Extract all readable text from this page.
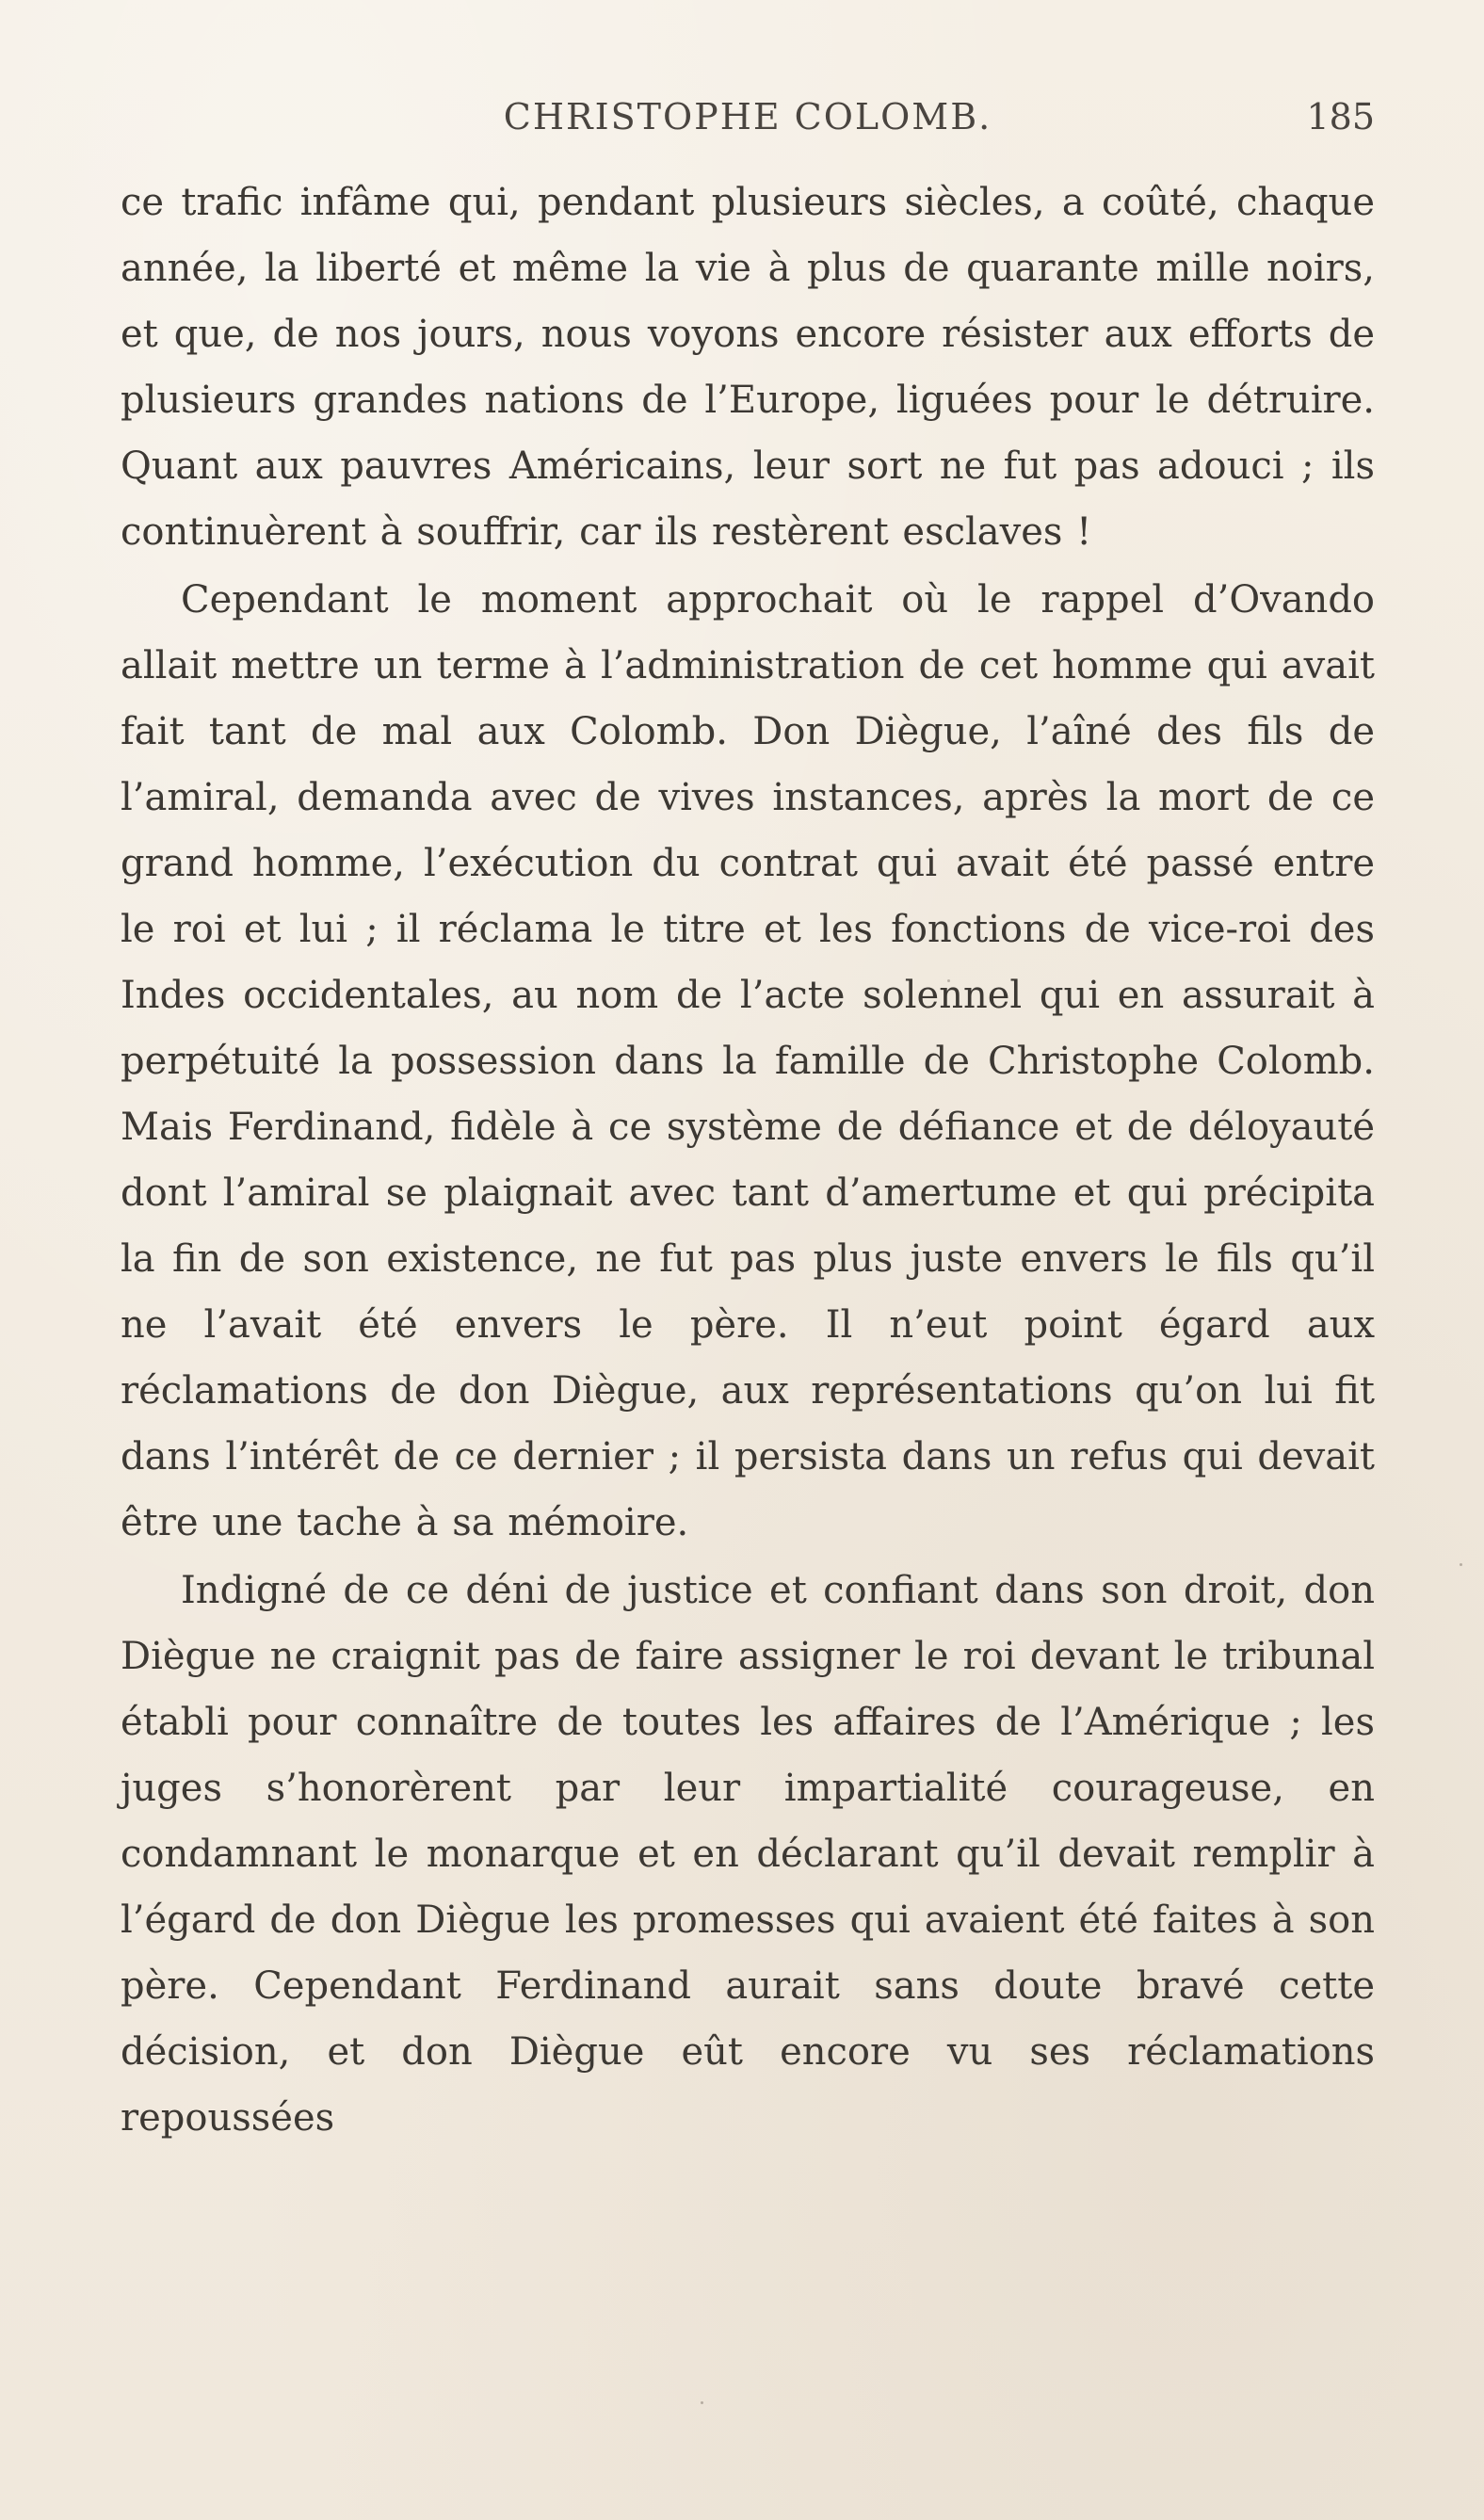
CHRISTOPHE COLOMB.	185

ce trafic infâme qui, pendant plusieurs siècles, a coûté, chaque année, la liberté et même la vie à plus de quarante mille noirs, et que, de nos jours, nous voyons encore résister aux efforts de plusieurs grandes nations de l’Europe, liguées pour le détruire. Quant aux pauvres Américains, leur sort ne fut pas adouci ; ils continuèrent à souffrir, car ils restèrent esclaves !

Cependant le moment approchait où le rappel d’Ovando allait mettre un terme à l’administration de cet homme qui avait fait tant de mal aux Colomb. Don Diègue, l’aîné des fils de l’amiral, demanda avec de vives instances, après la mort de ce grand homme, l’exécution du contrat qui avait été passé entre le roi et lui ; il réclama le titre et les fonctions de vice-roi des Indes occidentales, au nom de l’acte solennel qui en assurait à perpétuité la possession dans la famille de Christophe Colomb. Mais Ferdinand, fidèle à ce système de défiance et de déloyauté dont l’amiral se plaignait avec tant d’amertume et qui précipita la fin de son existence, ne fut pas plus juste envers le fils qu’il ne l’avait été envers le père. Il n’eut point égard aux réclamations de don Diègue, aux représentations qu’on lui fit dans l’intérêt de ce dernier ; il persista dans un refus qui devait être une tache à sa mémoire.

Indigné de ce déni de justice et confiant dans son droit, don Diègue ne craignit pas de faire assigner le roi devant le tribunal établi pour connaître de toutes les affaires de l’Amérique ; les juges s’honorèrent par leur impartialité courageuse, en condamnant le monarque et en déclarant qu’il devait remplir à l’égard de don Diègue les promesses qui avaient été faites à son père. Cependant Ferdinand aurait sans doute bravé cette décision, et don Diègue eût encore vu ses réclamations repoussées
